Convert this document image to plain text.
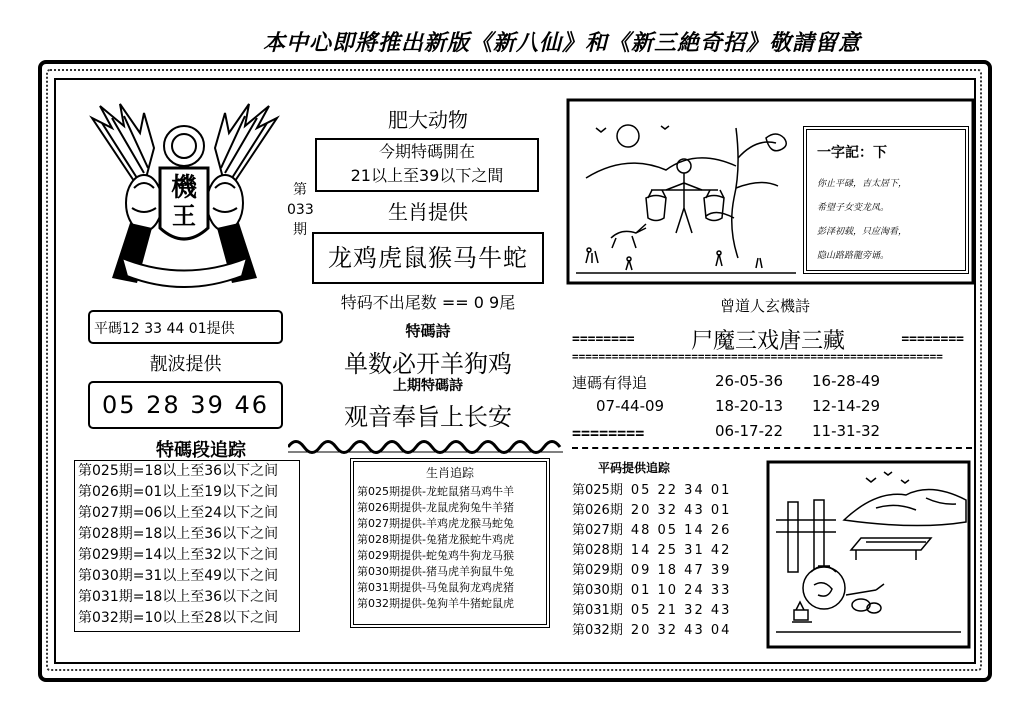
本中心即將推出新版《新八仙》和《新三絶奇招》敬請留意
機
王
第
033
期
肥大动物
今期特碼開在
21以上至39以下之間
生肖提供
龙鸡虎鼠猴马牛蛇
特码不出尾数 == 0 9尾
特碼詩
单数必开羊狗鸡
上期特碼詩
观音奉旨上长安
平碼12 33 44 01提供
靓波提供
05 28 39 46
特碼段追踪
第025期=18以上至36以下之间
第026期=01以上至19以下之间
第027期=06以上至24以下之间
第028期=18以上至36以下之间
第029期=14以上至32以下之间
第030期=31以上至49以下之间
第031期=18以上至36以下之间
第032期=10以上至28以下之间
生肖追踪
第025期提供-龙蛇鼠猪马鸡牛羊
第026期提供-龙鼠虎狗兔牛羊猪
第027期提供-羊鸡虎龙猴马蛇兔
第028期提供-兔猪龙猴蛇牛鸡虎
第029期提供-蛇兔鸡牛狗龙马猴
第030期提供-猪马虎羊狗鼠牛兔
第031期提供-马兔鼠狗龙鸡虎猪
第032期提供-兔狗羊牛猪蛇鼠虎
一字記：下
你止平碌，吉太居下，
希望子女变龙凤。
彭泽初载，只应淘看，
隐山路路龍旁诵。
曾道人玄機詩
========	尸魔三戏唐三藏	========
========================================================
連碼有得追	26-05-36 16-28-49
07-44-09	18-20-13 12-14-29
========	06-17-22 11-31-32
平码提供追踪
第025期 05 22 34 01
第026期 20 32 43 01
第027期 48 05 14 26
第028期 14 25 31 42
第029期 09 18 47 39
第030期 01 10 24 33
第031期 05 21 32 43
第032期 20 32 43 04
